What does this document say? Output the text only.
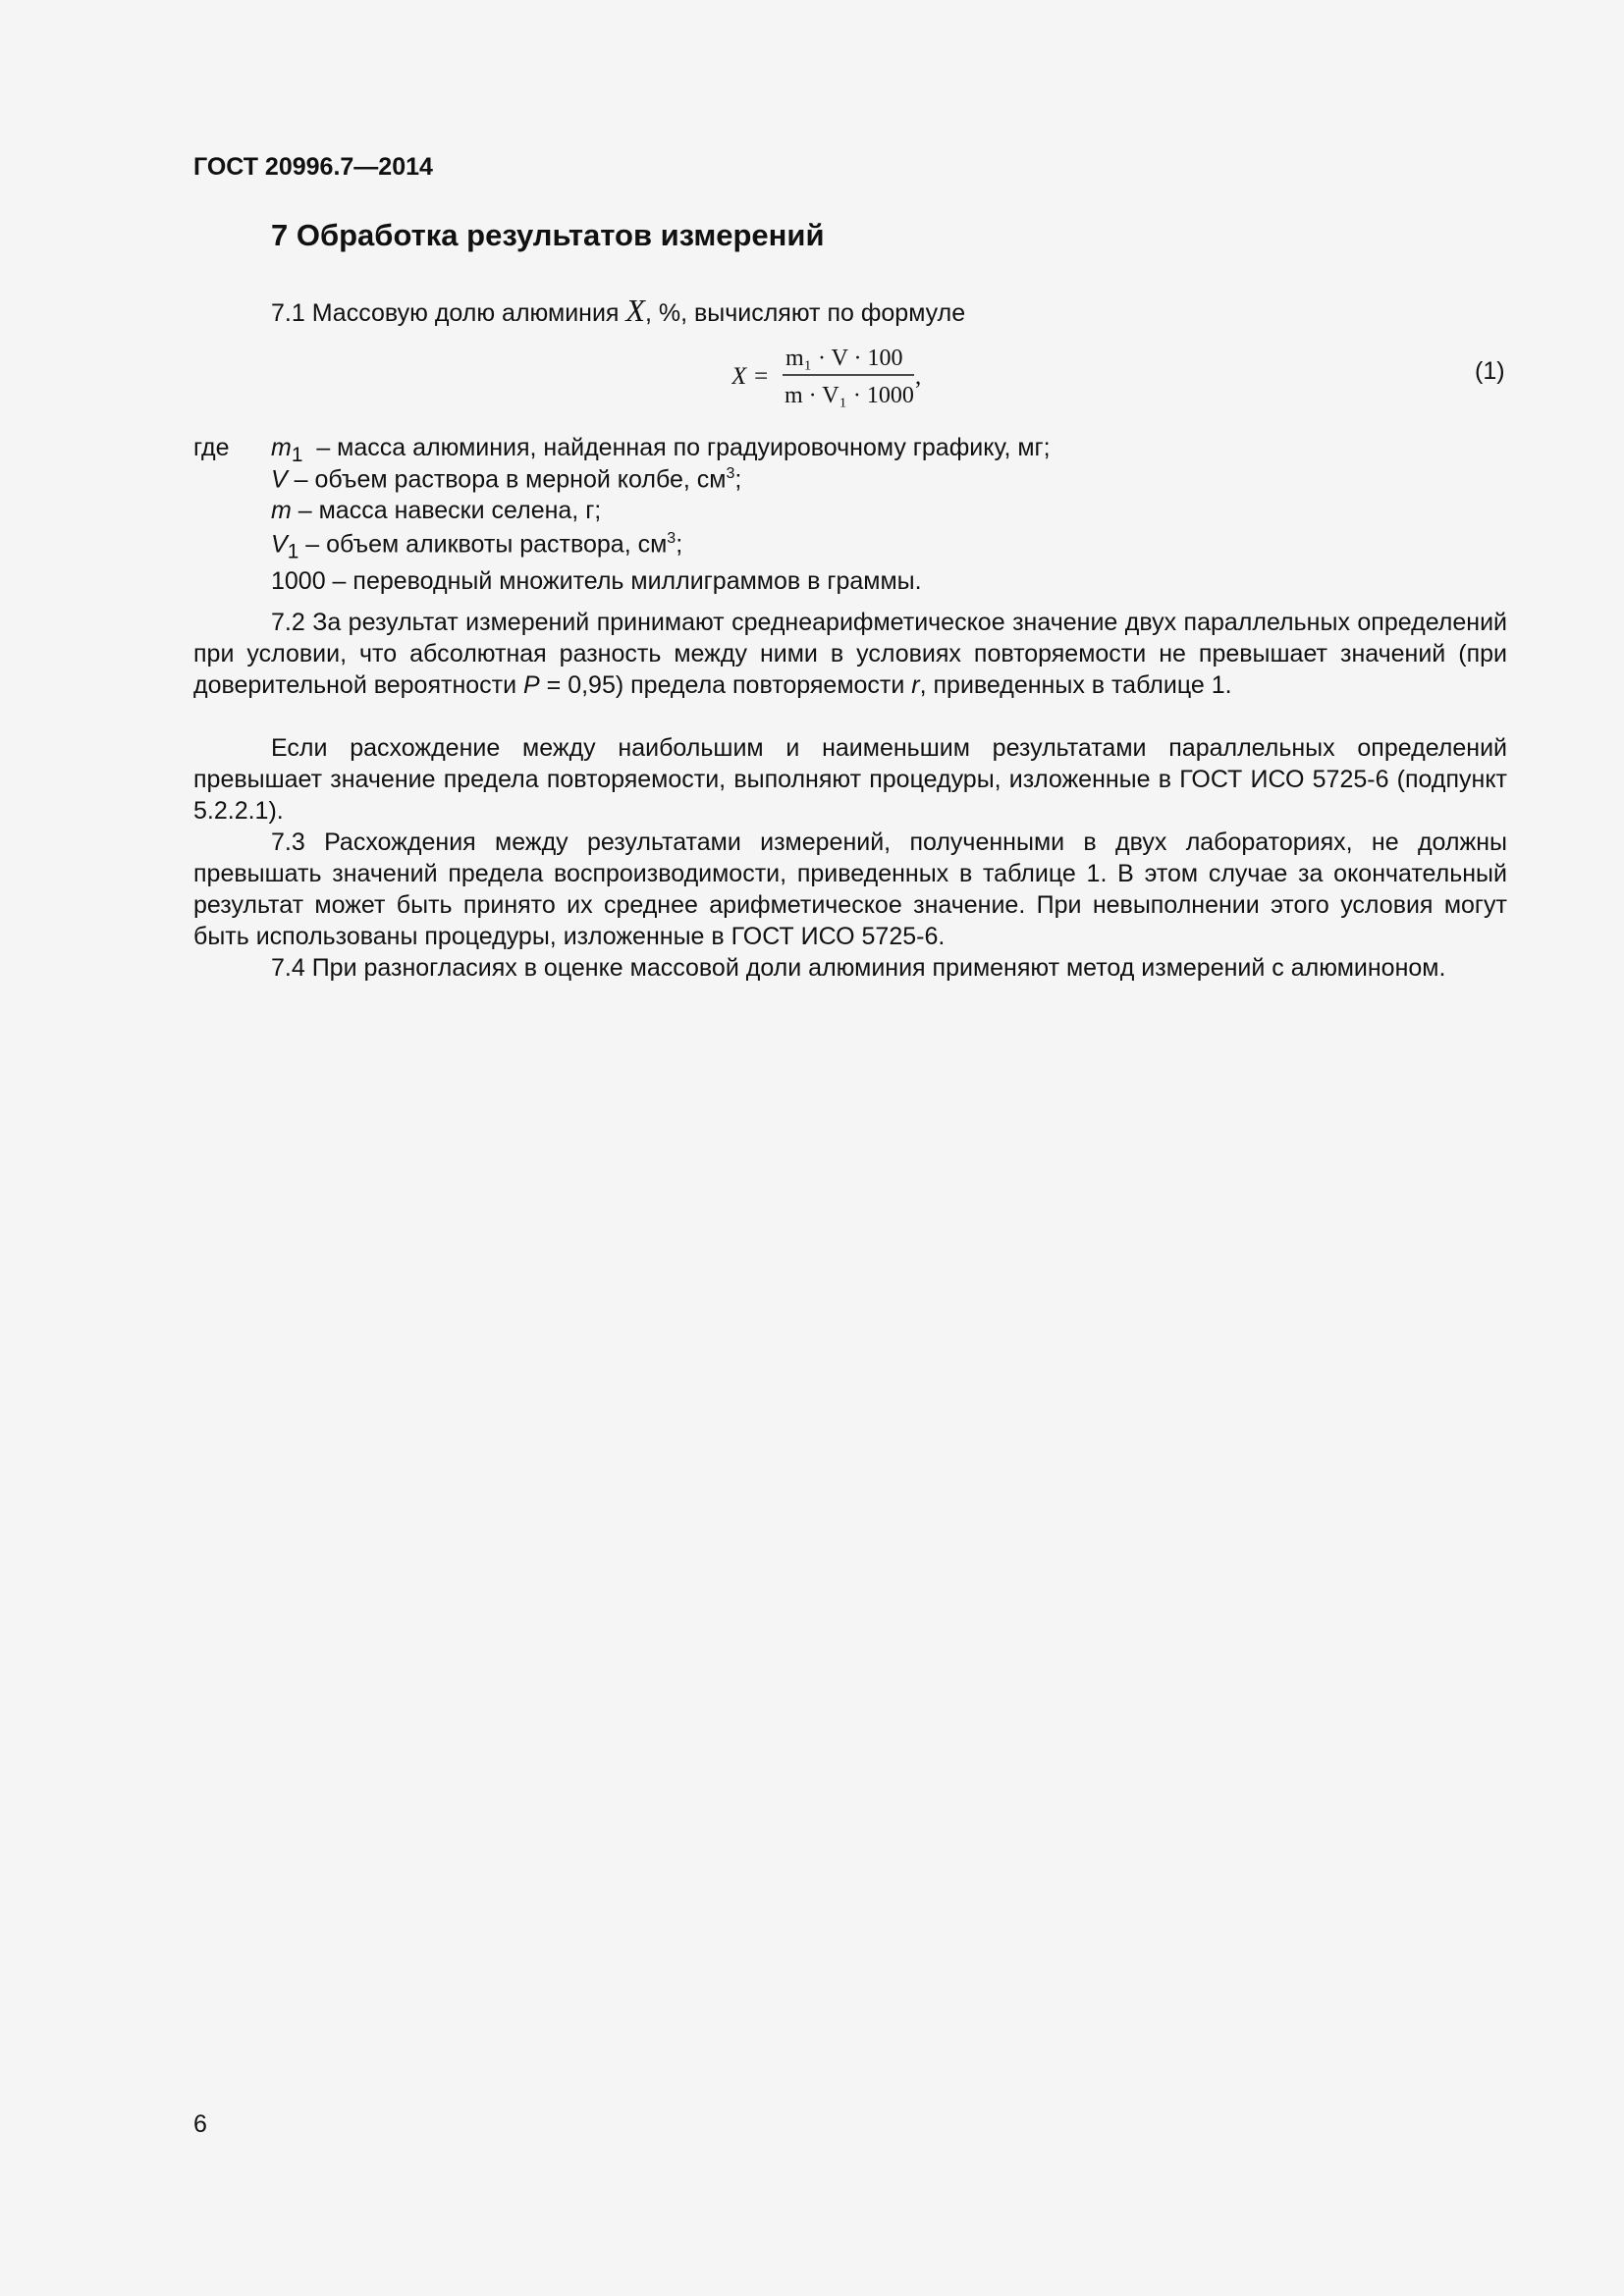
ГОСТ 20996.7—2014
7 Обработка результатов измерений
7.1 Массовую долю алюминия X, %, вычисляют по формуле
X =
m₁ · V · 100
m · V₁ · 1000
,	(1)
где $m_1$  – масса алюминия, найденная по градуировочному графику, мг;
V – объем раствора в мерной колбе, $см^3$;
m – масса навески селена, г;
$V_1$ – объем аликвоты раствора, $см^3$;
1000 – переводный множитель миллиграммов в граммы.
7.2 За результат измерений принимают среднеарифметическое значение двух параллельных определений при условии, что абсолютная разность между ними в условиях повторяемости не превышает значений (при доверительной вероятности P = 0,95) предела повторяемости r, приведенных в таблице 1.
Если расхождение между наибольшим и наименьшим результатами параллельных определений превышает значение предела повторяемости, выполняют процедуры, изложенные в ГОСТ ИСО 5725-6 (подпункт 5.2.2.1).
7.3 Расхождения между результатами измерений, полученными в двух лабораториях, не должны превышать значений предела воспроизводимости, приведенных в таблице 1. В этом случае за окончательный результат может быть принято их среднее арифметическое значение. При невыполнении этого условия могут быть использованы процедуры, изложенные в ГОСТ ИСО 5725-6.
7.4 При разногласиях в оценке массовой доли алюминия применяют метод измерений с алюминоном.
6
